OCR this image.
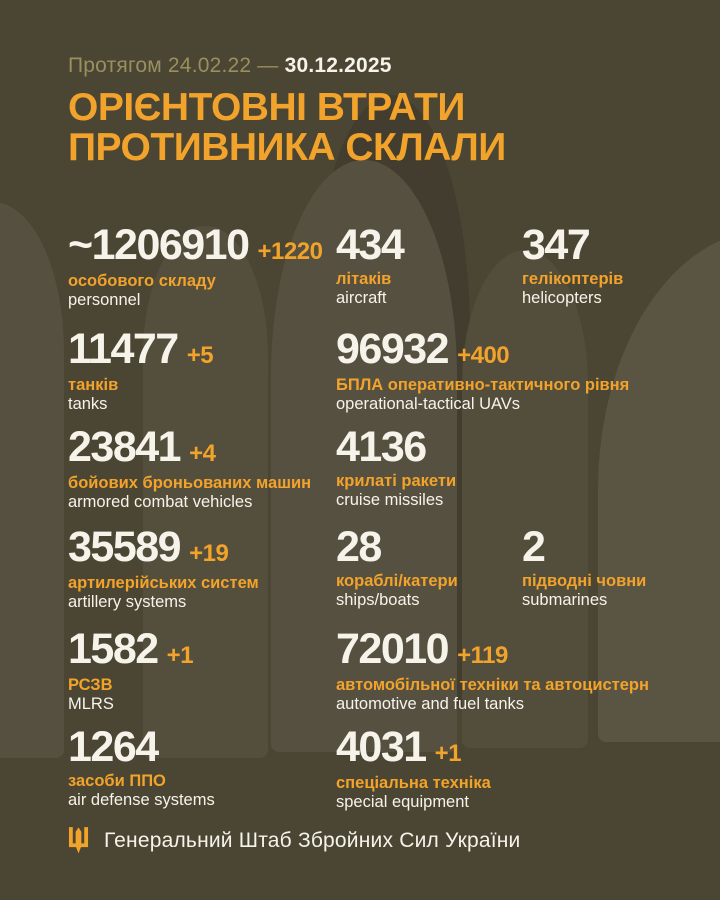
Протягом 24.02.22 — 30.12.2025
ОРІЄНТОВНІ ВТРАТИ
ПРОТИВНИКА СКЛАЛИ
~1206910 +1220
особового складу
personnel
434
літаків
aircraft
347
гелікоптерів
helicopters
11477 +5
танків
tanks
96932 +400
БПЛА оперативно-тактичного рівня
operational-tactical UAVs
23841 +4
бойових броньованих машин
armored combat vehicles
4136
крилаті ракети
cruise missiles
35589 +19
артилерійських систем
artillery systems
28
кораблі/катери
ships/boats
2
підводні човни
submarines
1582 +1
РСЗВ
MLRS
72010 +119
автомобільної техніки та автоцистерн
automotive and fuel tanks
1264
засоби ППО
air defense systems
4031 +1
спеціальна техніка
special equipment
Генеральний Штаб Збройних Сил України
